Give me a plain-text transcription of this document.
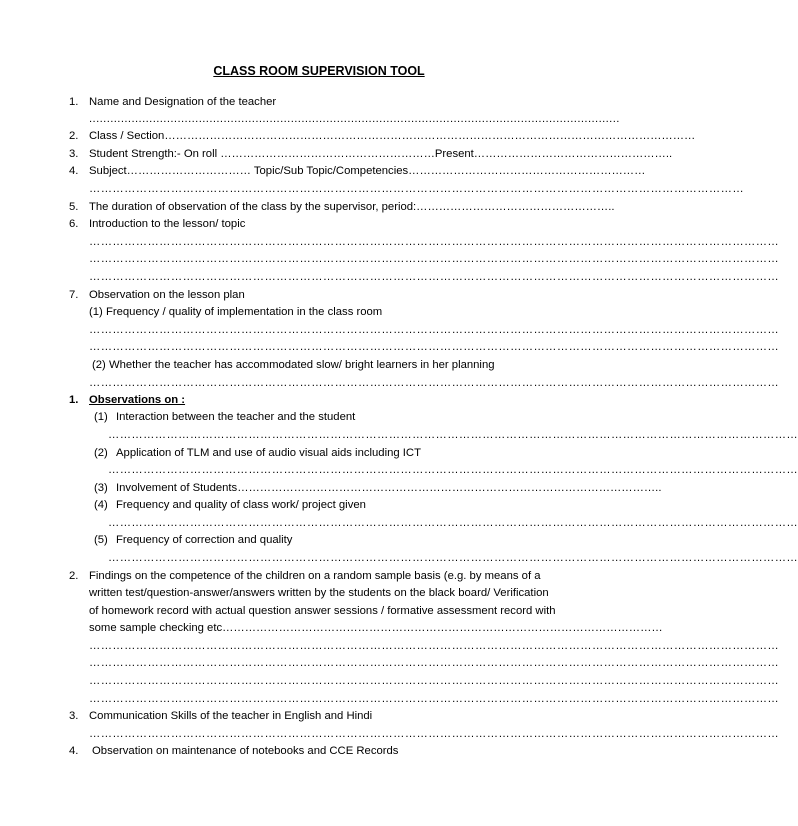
CLASS ROOM SUPERVISION TOOL
1. Name and Designation of the teacher
......................................................................................................................................................
2. Class / Section……………………………………………………………………………………………………………………………
3. Student Strength:- On roll …………………………………………………Present……………………………………………..
4. Subject…………………………… Topic/Sub Topic/Competencies………………………………………………………
……………………………………………………………………………………………………………………………………………………
5. The duration of observation of the class by the supervisor, period:……………………………………………..
6. Introduction to the lesson/ topic
……………………………………………………………………………………………………………………………………………………………
……………………………………………………………………………………………………………………………………………………………
……………………………………………………………………………………………………………………………………………………………
7. Observation on the lesson plan
(1) Frequency / quality of implementation in the class room
……………………………………………………………………………………………………………………………………………………………
……………………………………………………………………………………………………………………………………………………………
(2) Whether the teacher has accommodated slow/ bright learners in her planning
……………………………………………………………………………………………………………………………………………………………
1. Observations on :
(1) Interaction between the teacher and the student
……………………………………………………………………………………………………………………………………………………………
(2) Application of TLM and use of audio visual aids including ICT
……………………………………………………………………………………………………………………………………………………………
(3) Involvement of Students…………………………………………………………………………………………………..
(4) Frequency and quality of class work/ project given
……………………………………………………………………………………………………………………………………………………………
(5) Frequency of correction and quality
……………………………………………………………………………………………………………………………………………………………
2. Findings on the competence of the children on a random sample basis (e.g. by means of a
written test/question-answer/answers written by the students on the black board/ Verification
of homework record with actual question answer sessions / formative assessment record with
some sample checking etc………………………………………………………………………………………………………
……………………………………………………………………………………………………………………………………………………………
……………………………………………………………………………………………………………………………………………………………
……………………………………………………………………………………………………………………………………………………………
……………………………………………………………………………………………………………………………………………………………
3. Communication Skills of the teacher in English and Hindi
……………………………………………………………………………………………………………………………………………………………
4. Observation on maintenance of notebooks and CCE Records
